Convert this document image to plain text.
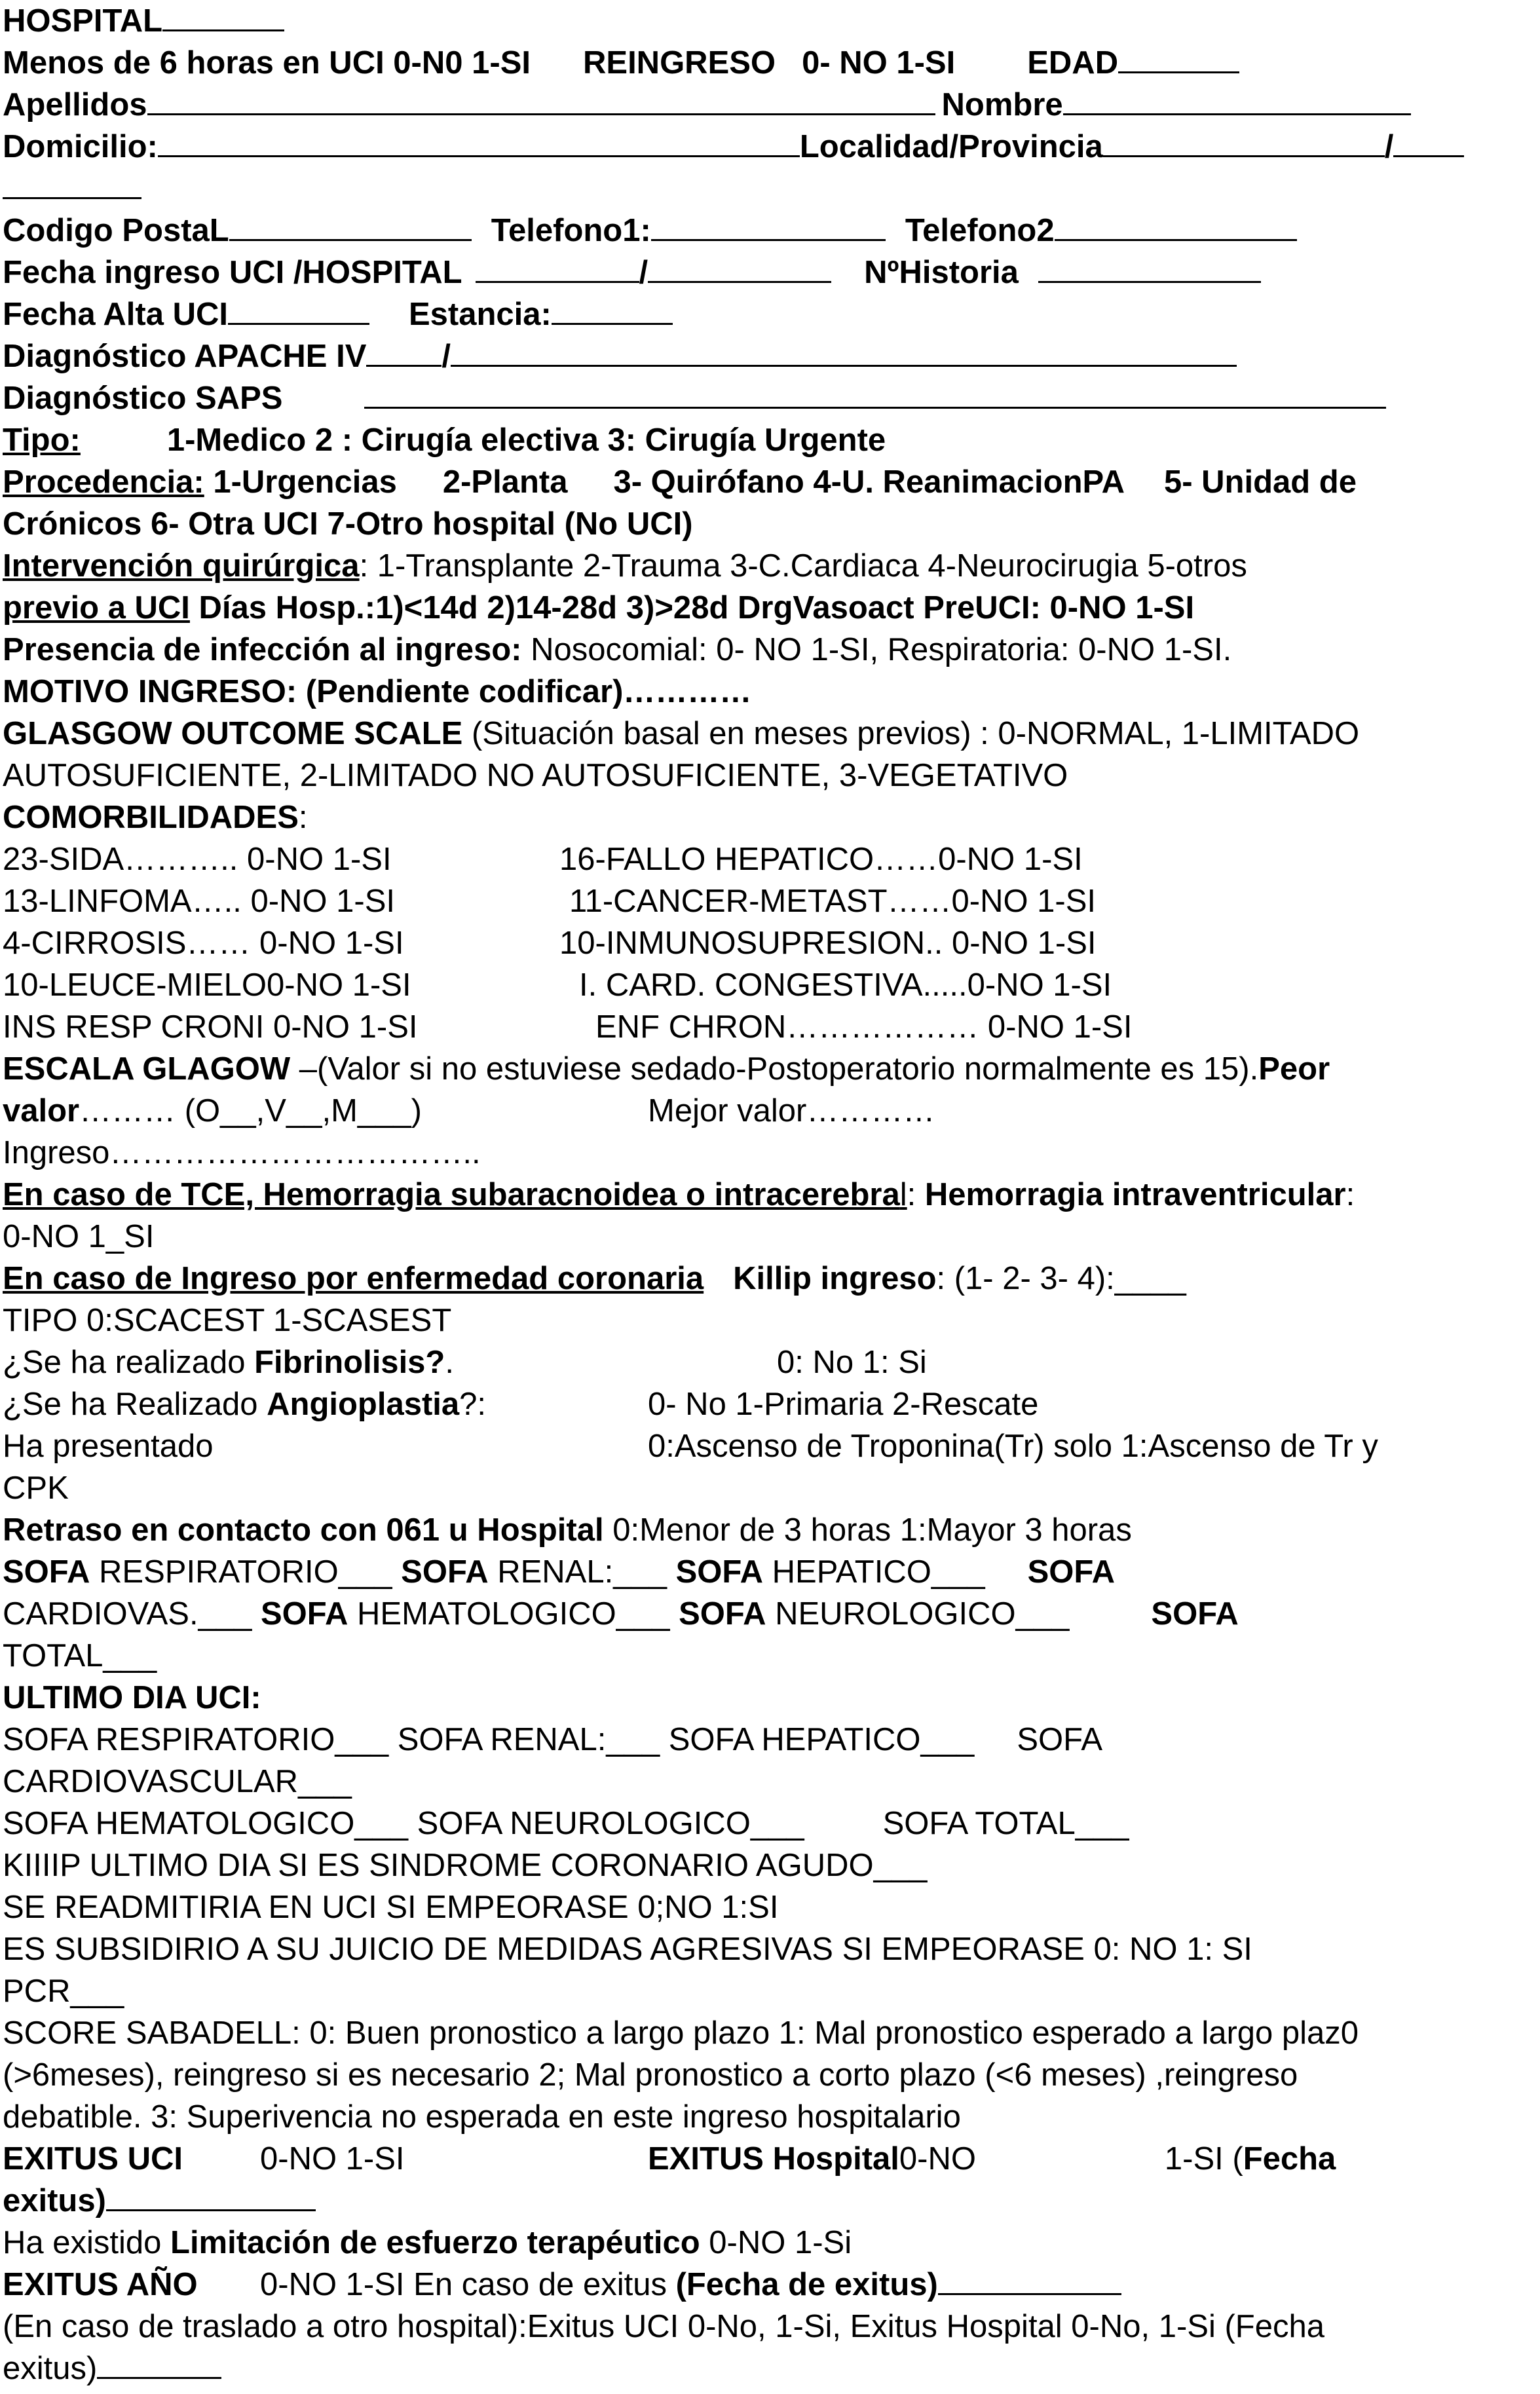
HOSPITAL
Menos de 6 horas en UCI 0-N0 1-SI REINGRESO 0- NO 1-SI EDAD
Apellidos	Nombre
Domicilio:	Localidad/Provincia	/
Codigo PostaL	Telefono1:	Telefono2
Fecha ingreso UCI /HOSPITAL	/	NºHistoria
Fecha Alta UCI	Estancia:
Diagnóstico APACHE IV /
Diagnóstico SAPS
Tipo:	1-Medico 2 : Cirugía electiva 3: Cirugía Urgente
Procedencia: 1-Urgencias 2-Planta 3- Quirófano 4-U. ReanimacionPA 5- Unidad de
Crónicos 6- Otra UCI 7-Otro hospital (No UCI)
Intervención quirúrgica: 1-Transplante 2-Trauma 3-C.Cardiaca 4-Neurocirugia 5-otros
previo a UCI Días Hosp.:1)<14d 2)14-28d 3)>28d DrgVasoact PreUCI: 0-NO 1-SI
Presencia de infección al ingreso: Nosocomial: 0- NO 1-SI, Respiratoria: 0-NO 1-SI.
MOTIVO INGRESO: (Pendiente codificar)…………
GLASGOW OUTCOME SCALE (Situación basal en meses previos) : 0-NORMAL, 1-LIMITADO
AUTOSUFICIENTE, 2-LIMITADO NO AUTOSUFICIENTE, 3-VEGETATIVO
COMORBILIDADES:
23-SIDA……….. 0-NO 1-SI	16-FALLO HEPATICO……0-NO 1-SI
13-LINFOMA….. 0-NO 1-SI	11-CANCER-METAST……0-NO 1-SI
4-CIRROSIS…… 0-NO 1-SI	10-INMUNOSUPRESION.. 0-NO 1-SI
10-LEUCE-MIELO0-NO 1-SI	I. CARD. CONGESTIVA.....0-NO 1-SI
INS RESP CRONI 0-NO 1-SI	ENF CHRON……………… 0-NO 1-SI
ESCALA GLAGOW –(Valor si no estuviese sedado-Postoperatorio normalmente es 15).Peor
valor……… (O__,V__,M___)	Mejor valor…………
Ingreso……………………………..
En caso de TCE, Hemorragia subaracnoidea o intracerebral: Hemorragia intraventricular:
0-NO 1_SI
En caso de Ingreso por enfermedad coronaria Killip ingreso: (1- 2- 3- 4):____
TIPO 0:SCACEST 1-SCASEST
¿Se ha realizado Fibrinolisis?.	0: No 1: Si
¿Se ha Realizado Angioplastia?:	0- No 1-Primaria 2-Rescate
Ha presentado	0:Ascenso de Troponina(Tr) solo 1:Ascenso de Tr y
CPK
Retraso en contacto con 061 u Hospital 0:Menor de 3 horas 1:Mayor 3 horas
SOFA RESPIRATORIO___ SOFA RENAL:___ SOFA HEPATICO___ SOFA
CARDIOVAS.___ SOFA HEMATOLOGICO___ SOFA NEUROLOGICO___	SOFA
TOTAL___
ULTIMO DIA UCI:
SOFA RESPIRATORIO___ SOFA RENAL:___ SOFA HEPATICO___ SOFA
CARDIOVASCULAR___
SOFA HEMATOLOGICO___ SOFA NEUROLOGICO___ SOFA TOTAL___
KIIIIP ULTIMO DIA SI ES SINDROME CORONARIO AGUDO___
SE READMITIRIA EN UCI SI EMPEORASE 0;NO 1:SI
ES SUBSIDIRIO A SU JUICIO DE MEDIDAS AGRESIVAS SI EMPEORASE 0: NO 1: SI
PCR___
SCORE SABADELL: 0: Buen pronostico a largo plazo 1: Mal pronostico esperado a largo plaz0
(>6meses), reingreso si es necesario 2; Mal pronostico a corto plazo (<6 meses) ,reingreso
debatible. 3: Superivencia no esperada en este ingreso hospitalario
EXITUS UCI 0-NO 1-SI	EXITUS Hospital0-NO	1-SI (Fecha
exitus)
Ha existido Limitación de esfuerzo terapéutico 0-NO 1-Si
EXITUS AÑO 0-NO 1-SI En caso de exitus (Fecha de exitus)
(En caso de traslado a otro hospital):Exitus UCI 0-No, 1-Si, Exitus Hospital 0-No, 1-Si (Fecha
exitus)
